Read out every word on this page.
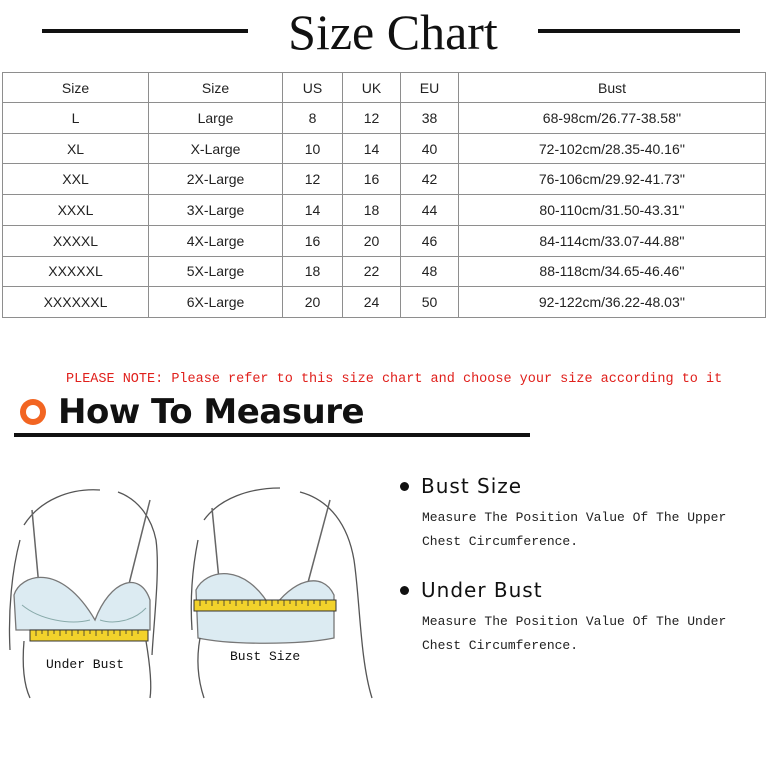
Size Chart
Size	Size	US	UK	EU	Bust
L	Large	8	12	38	68-98cm/26.77-38.58''
XL	X-Large	10	14	40	72-102cm/28.35-40.16''
XXL	2X-Large	12	16	42	76-106cm/29.92-41.73''
XXXL	3X-Large	14	18	44	80-110cm/31.50-43.31''
XXXXL	4X-Large	16	20	46	84-114cm/33.07-44.88''
XXXXXL	5X-Large	18	22	48	88-118cm/34.65-46.46''
XXXXXXL	6X-Large	20	24	50	92-122cm/36.22-48.03''
PLEASE NOTE: Please refer to this size chart and choose your size according to it
How To Measure
Under Bust
Bust Size
Bust Size
Measure The Position Value Of The Upper Chest Circumference.
Under Bust
Measure The Position Value Of The Under Chest Circumference.
